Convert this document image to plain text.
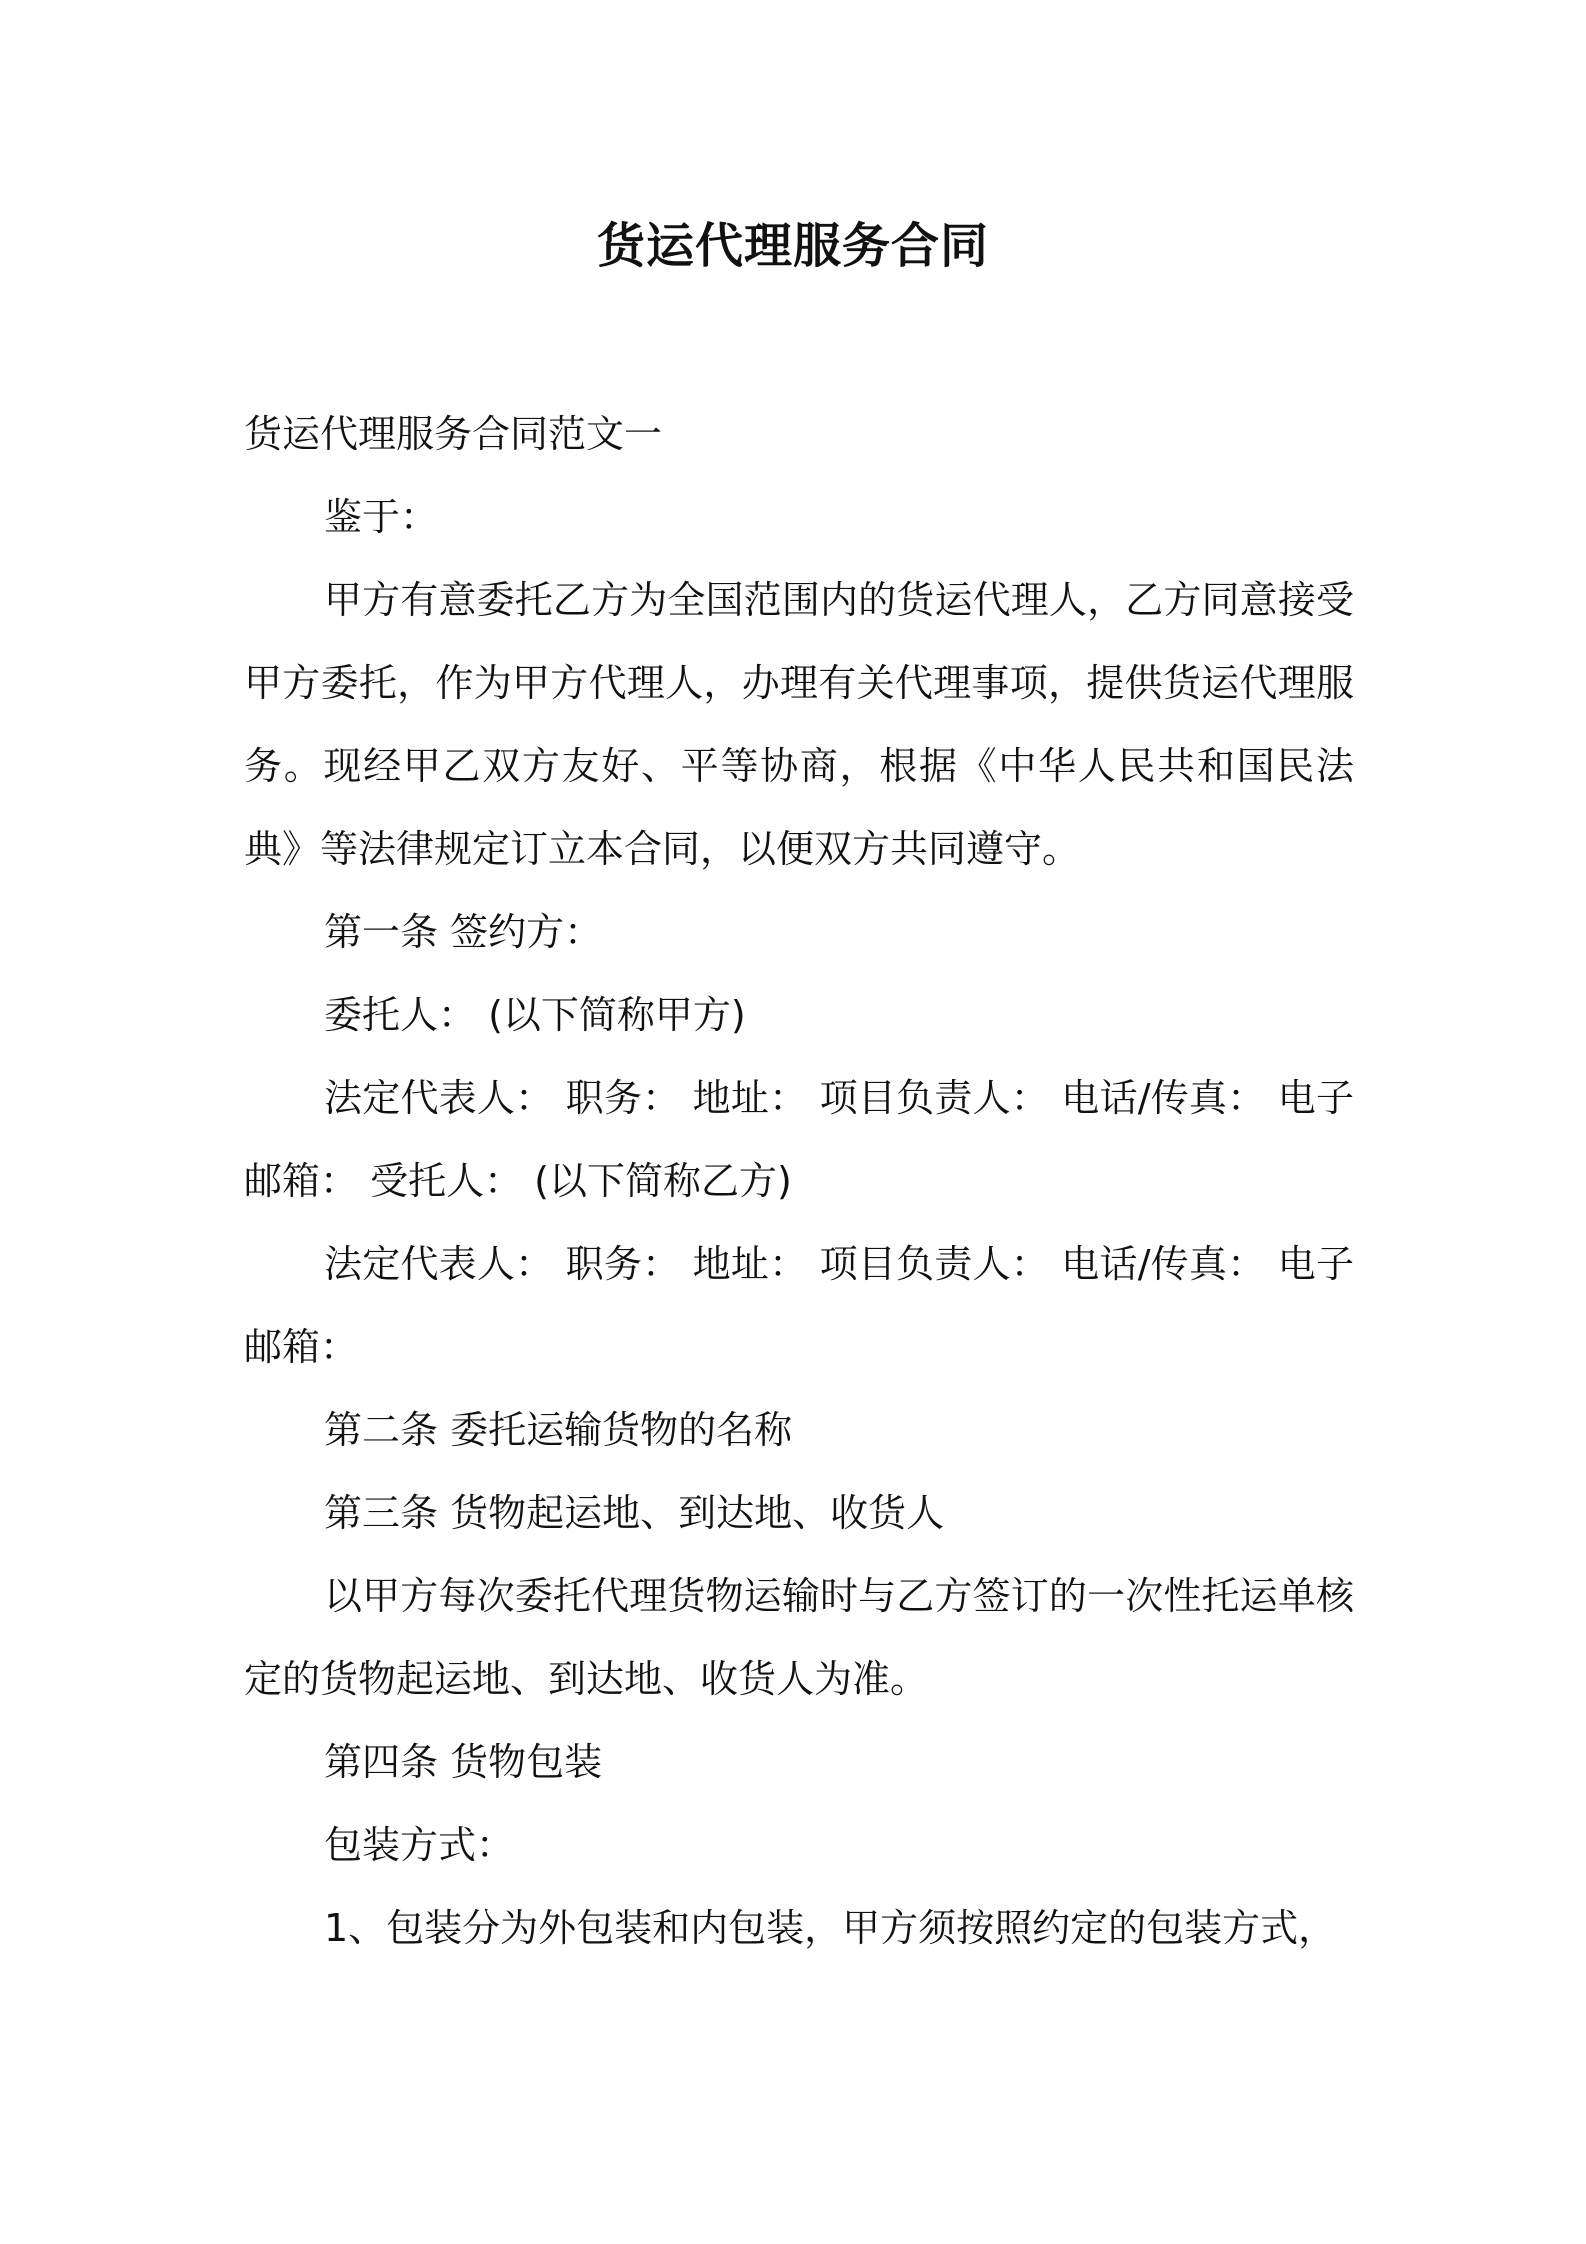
货运代理服务合同

货运代理服务合同范文一

鉴于：

甲方有意委托乙方为全国范围内的货运代理人，乙方同意接受甲方委托，作为甲方代理人，办理有关代理事项，提供货运代理服务。现经甲乙双方友好、平等协商，根据《中华人民共和国民法典》等法律规定订立本合同，以便双方共同遵守。

第一条 签约方：

委托人： (以下简称甲方)

法定代表人： 职务： 地址： 项目负责人： 电话/传真： 电子邮箱： 受托人： (以下简称乙方)

法定代表人： 职务： 地址： 项目负责人： 电话/传真： 电子邮箱：

第二条 委托运输货物的名称

第三条 货物起运地、到达地、收货人

以甲方每次委托代理货物运输时与乙方签订的一次性托运单核定的货物起运地、到达地、收货人为准。

第四条 货物包装

包装方式：

1、包装分为外包装和内包装，甲方须按照约定的包装方式，
